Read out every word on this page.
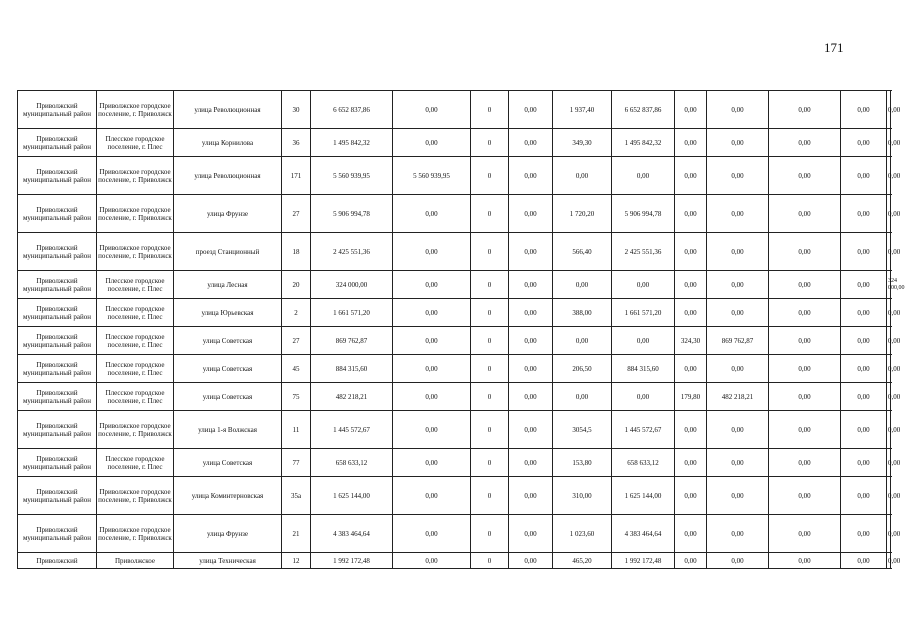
171
Приволжский муниципальный район	Приволжское городское поселение, г. Приволжск	улица Революционная	30	6 652 837,86	0,00	0	0,00	1 937,40	6 652 837,86	0,00	0,00	0,00	0,00	0,00
Приволжский муниципальный район	Плесское городское поселение, г. Плес	улица Корнилова	36	1 495 842,32	0,00	0	0,00	349,30	1 495 842,32	0,00	0,00	0,00	0,00	0,00
Приволжский муниципальный район	Приволжское городское поселение, г. Приволжск	улица Революционная	171	5 560 939,95	5 560 939,95	0	0,00	0,00	0,00	0,00	0,00	0,00	0,00	0,00
Приволжский муниципальный район	Приволжское городское поселение, г. Приволжск	улица Фрунзе	27	5 906 994,78	0,00	0	0,00	1 720,20	5 906 994,78	0,00	0,00	0,00	0,00	0,00
Приволжский муниципальный район	Приволжское городское поселение, г. Приволжск	проезд Станционный	18	2 425 551,36	0,00	0	0,00	566,40	2 425 551,36	0,00	0,00	0,00	0,00	0,00
Приволжский муниципальный район	Плесское городское поселение, г. Плес	улица Лесная	20	324 000,00	0,00	0	0,00	0,00	0,00	0,00	0,00	0,00	0,00	324 000,00
Приволжский муниципальный район	Плесское городское поселение, г. Плес	улица Юрьевская	2	1 661 571,20	0,00	0	0,00	388,00	1 661 571,20	0,00	0,00	0,00	0,00	0,00
Приволжский муниципальный район	Плесское городское поселение, г. Плес	улица Советская	27	869 762,87	0,00	0	0,00	0,00	0,00	324,30	869 762,87	0,00	0,00	0,00
Приволжский муниципальный район	Плесское городское поселение, г. Плес	улица Советская	45	884 315,60	0,00	0	0,00	206,50	884 315,60	0,00	0,00	0,00	0,00	0,00
Приволжский муниципальный район	Плесское городское поселение, г. Плес	улица Советская	75	482 218,21	0,00	0	0,00	0,00	0,00	179,80	482 218,21	0,00	0,00	0,00
Приволжский муниципальный район	Приволжское городское поселение, г. Приволжск	улица 1-я Волжская	11	1 445 572,67	0,00	0	0,00	3054,5	1 445 572,67	0,00	0,00	0,00	0,00	0,00
Приволжский муниципальный район	Плесское городское поселение, г. Плес	улица Советская	77	658 633,12	0,00	0	0,00	153,80	658 633,12	0,00	0,00	0,00	0,00	0,00
Приволжский муниципальный район	Приволжское городское поселение, г. Приволжск	улица Коминтерновская	35а	1 625 144,00	0,00	0	0,00	310,00	1 625 144,00	0,00	0,00	0,00	0,00	0,00
Приволжский муниципальный район	Приволжское городское поселение, г. Приволжск	улица Фрунзе	21	4 383 464,64	0,00	0	0,00	1 023,60	4 383 464,64	0,00	0,00	0,00	0,00	0,00
Приволжский	Приволжское	улица Техническая	12	1 992 172,48	0,00	0	0,00	465,20	1 992 172,48	0,00	0,00	0,00	0,00	0,00
